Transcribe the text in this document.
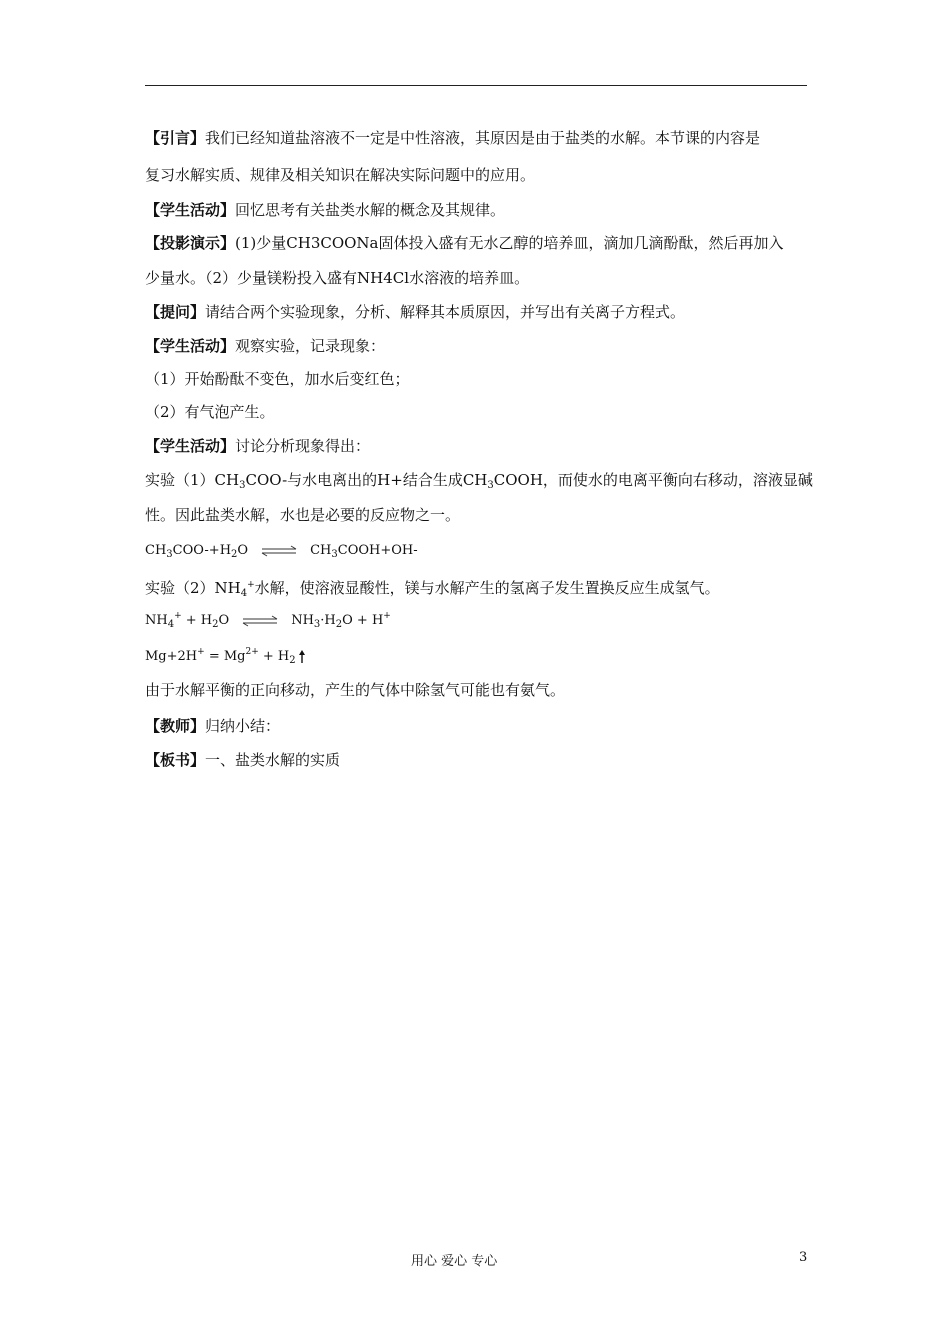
【引言】我们已经知道盐溶液不一定是中性溶液，其原因是由于盐类的水解。本节课的内容是
复习水解实质、规律及相关知识在解决实际问题中的应用。
【学生活动】回忆思考有关盐类水解的概念及其规律。
【投影演示】(1)少量CH3COONa固体投入盛有无水乙醇的培养皿，滴加几滴酚酞，然后再加入
少量水。（2）少量镁粉投入盛有NH4Cl水溶液的培养皿。
【提问】请结合两个实验现象，分析、解释其本质原因，并写出有关离子方程式。
【学生活动】观察实验，记录现象：
（1）开始酚酞不变色，加水后变红色；
（2）有气泡产生。
【学生活动】讨论分析现象得出：
实验$(1)CH_3COO-$与水电离出的H+结合生成$CH_3COOH$，而使水的电离平衡向右移动，溶液显碱
性。因此盐类水解，水也是必要的反应物之一。
$CH_3COO-+H_2O$ ⇌ $CH_3COOH+OH-$
实验$(2)NH_4^+$水解，使溶液显酸性，镁与水解产生的氢离子发生置换反应生成氢气。
$NH_4^+ + H_2O$ ⇌ $NH_3\cdot H_2O + H^+$
$Mg+2H^+ = Mg^{2+} + H_2$
由于水解平衡的正向移动，产生的气体中除氢气可能也有氨气。
【教师】归纳小结：
【板书】一、盐类水解的实质
用心 爱心 专心	3
